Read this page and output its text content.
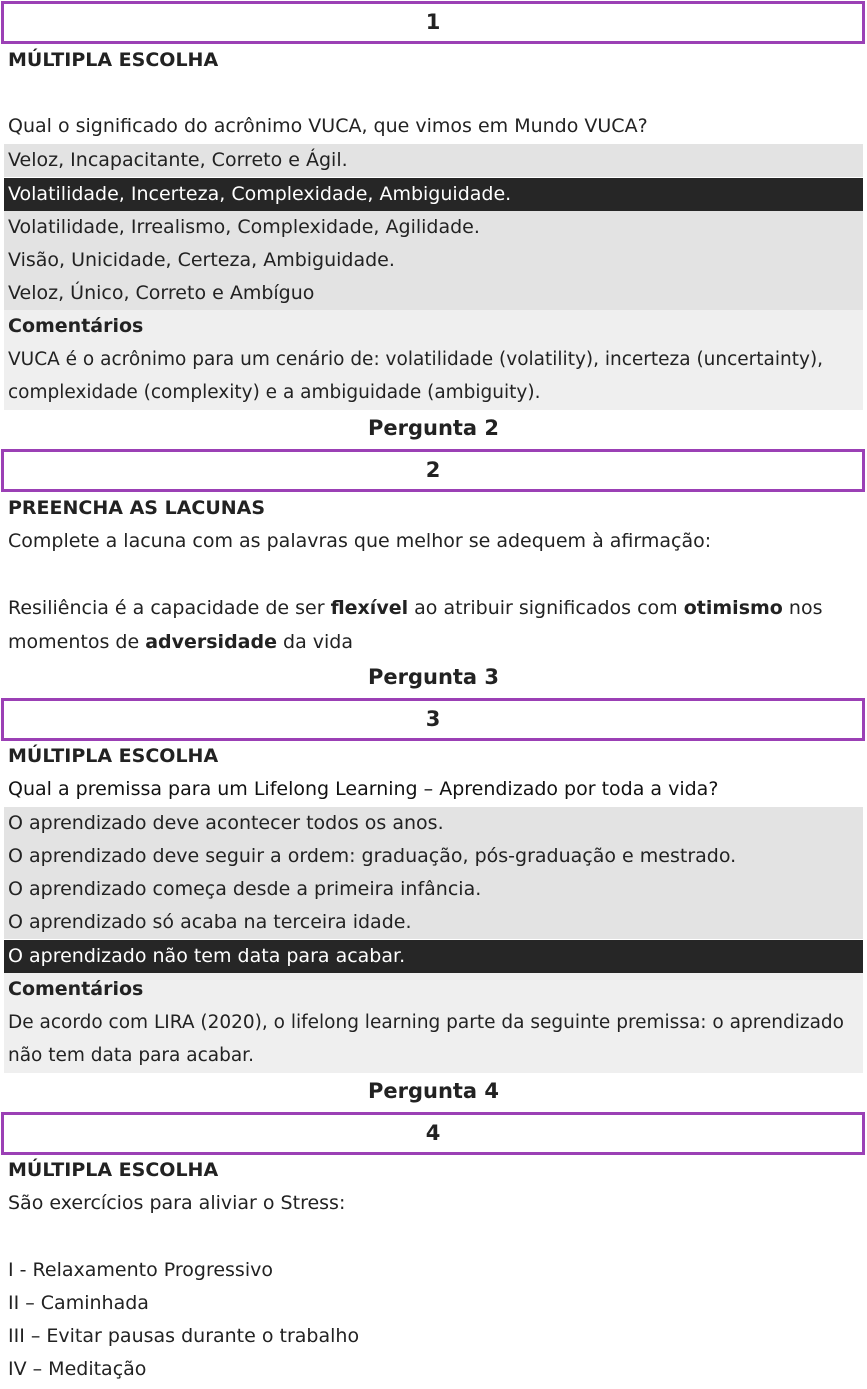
1
MÚLTIPLA ESCOLHA
Qual o significado do acrônimo VUCA, que vimos em Mundo VUCA?
Veloz, Incapacitante, Correto e Ágil.
Volatilidade, Incerteza, Complexidade, Ambiguidade.
Volatilidade, Irrealismo, Complexidade, Agilidade.
Visão, Unicidade, Certeza, Ambiguidade.
Veloz, Único, Correto e Ambíguo
Comentários
VUCA é o acrônimo para um cenário de: volatilidade (volatility), incerteza (uncertainty), complexidade (complexity) e a ambiguidade (ambiguity).
Pergunta 2
2
PREENCHA AS LACUNAS
Complete a lacuna com as palavras que melhor se adequem à afirmação:
Resiliência é a capacidade de ser flexível ao atribuir significados com otimismo nos momentos de adversidade da vida
Pergunta 3
3
MÚLTIPLA ESCOLHA
Qual a premissa para um Lifelong Learning – Aprendizado por toda a vida?
O aprendizado deve acontecer todos os anos.
O aprendizado deve seguir a ordem: graduação, pós-graduação e mestrado.
O aprendizado começa desde a primeira infância.
O aprendizado só acaba na terceira idade.
O aprendizado não tem data para acabar.
Comentários
De acordo com LIRA (2020), o lifelong learning parte da seguinte premissa: o aprendizado não tem data para acabar.
Pergunta 4
4
MÚLTIPLA ESCOLHA
São exercícios para aliviar o Stress:
I - Relaxamento Progressivo
II – Caminhada
III – Evitar pausas durante o trabalho
IV – Meditação
